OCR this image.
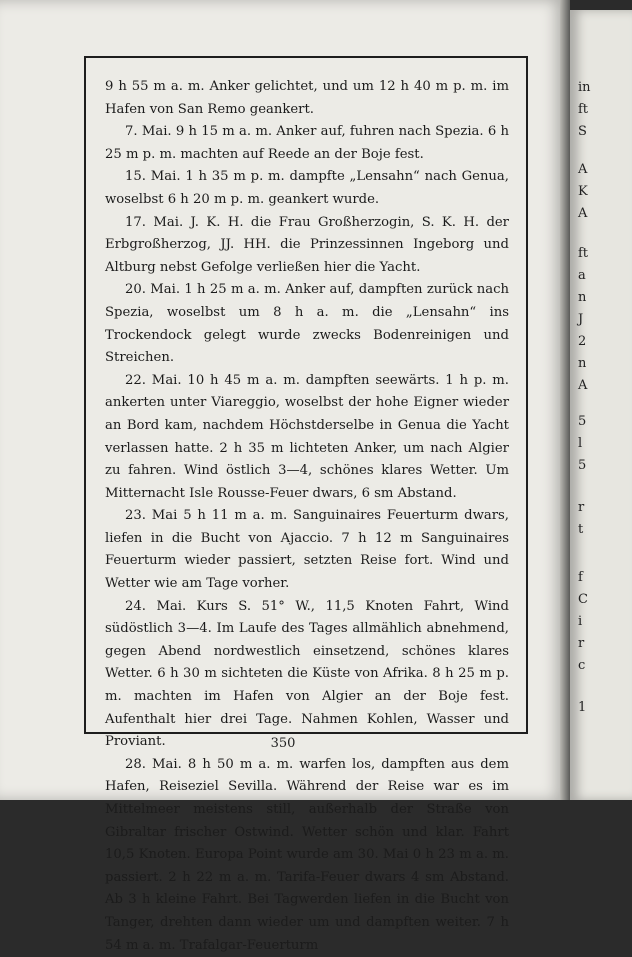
9 h 55 m a. m. Anker gelichtet, und um 12 h 40 m p. m. im Hafen von San Remo geankert.

7. Mai. 9 h 15 m a. m. Anker auf, fuhren nach Spezia. 6 h 25 m p. m. machten auf Reede an der Boje fest.

15. Mai. 1 h 35 m p. m. dampfte „Lensahn“ nach Genua, woselbst 6 h 20 m p. m. geankert wurde.

17. Mai. J. K. H. die Frau Großherzogin, S. K. H. der Erbgroßherzog, JJ. HH. die Prinzessinnen Ingeborg und Altburg nebst Gefolge verließen hier die Yacht.

20. Mai. 1 h 25 m a. m. Anker auf, dampften zurück nach Spezia, woselbst um 8 h a. m. die „Lensahn“ ins Trockendock gelegt wurde zwecks Bodenreinigen und Streichen.

22. Mai. 10 h 45 m a. m. dampften seewärts. 1 h p. m. ankerten unter Viareggio, woselbst der hohe Eigner wieder an Bord kam, nachdem Höchstderselbe in Genua die Yacht verlassen hatte. 2 h 35 m lichteten Anker, um nach Algier zu fahren. Wind östlich 3—4, schönes klares Wetter. Um Mitternacht Isle Rousse-Feuer dwars, 6 sm Abstand.

23. Mai 5 h 11 m a. m. Sanguinaires Feuerturm dwars, liefen in die Bucht von Ajaccio. 7 h 12 m Sanguinaires Feuerturm wieder passiert, setzten Reise fort. Wind und Wetter wie am Tage vorher.

24. Mai. Kurs S. 51° W., 11,5 Knoten Fahrt, Wind südöstlich 3—4. Im Laufe des Tages allmählich abnehmend, gegen Abend nordwestlich einsetzend, schönes klares Wetter. 6 h 30 m sichteten die Küste von Afrika. 8 h 25 m p. m. machten im Hafen von Algier an der Boje fest. Aufenthalt hier drei Tage. Nahmen Kohlen, Wasser und Proviant.

28. Mai. 8 h 50 m a. m. warfen los, dampften aus dem Hafen, Reiseziel Sevilla. Während der Reise war es im Mittelmeer meistens still, außerhalb der Straße von Gibraltar frischer Ostwind. Wetter schön und klar. Fahrt 10,5 Knoten. Europa Point wurde am 30. Mai 0 h 23 m a. m. passiert. 2 h 22 m a. m. Tarifa-Feuer dwars 4 sm Abstand. Ab 3 h kleine Fahrt. Bei Tagwerden liefen in die Bucht von Tanger, drehten dann wieder um und dampften weiter. 7 h 54 m a. m. Trafalgar-Feuerturm

350
in
ft
S
A
K
A
ft
a
n
J
2
n
A
5
l
5
r
t
f
C
i
r
c
1
